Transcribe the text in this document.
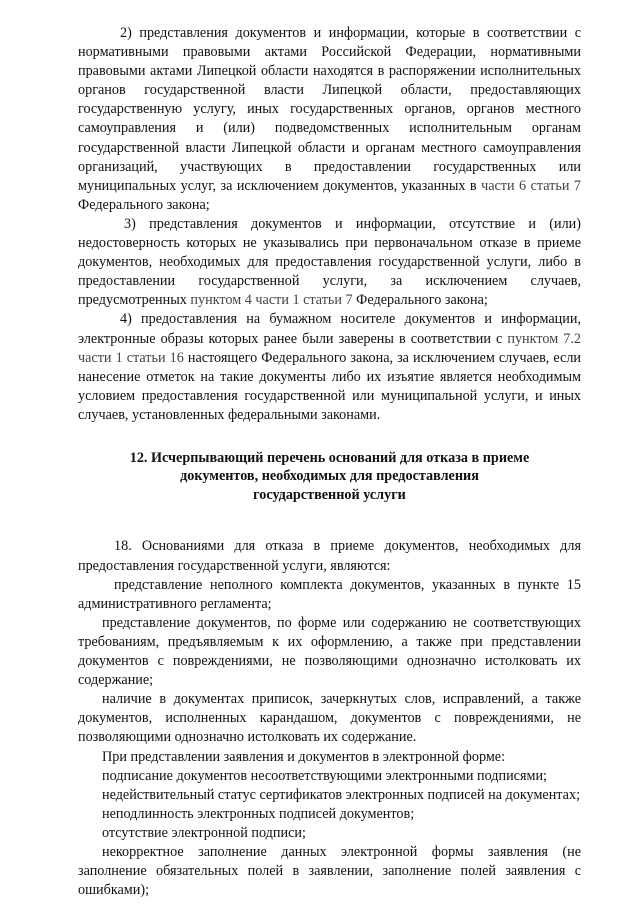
2) представления документов и информации, которые в соответствии с нормативными правовыми актами Российской Федерации, нормативными правовыми актами Липецкой области находятся в распоряжении исполнительных органов государственной власти Липецкой области, предоставляющих государственную услугу, иных государственных органов, органов местного самоуправления и (или) подведомственных исполнительным органам государственной власти Липецкой области и органам местного самоуправления организаций, участвующих в предоставлении государственных или муниципальных услуг, за исключением документов, указанных в части 6 статьи 7 Федерального закона;

3) представления документов и информации, отсутствие и (или) недостоверность которых не указывались при первоначальном отказе в приеме документов, необходимых для предоставления государственной услуги, либо в предоставлении государственной услуги, за исключением случаев, предусмотренных пунктом 4 части 1 статьи 7 Федерального закона;

4) предоставления на бумажном носителе документов и информации, электронные образы которых ранее были заверены в соответствии с пунктом 7.2 части 1 статьи 16 настоящего Федерального закона, за исключением случаев, если нанесение отметок на такие документы либо их изъятие является необходимым условием предоставления государственной или муниципальной услуги, и иных случаев, установленных федеральными законами.

12. Исчерпывающий перечень оснований для отказа в приеме
документов, необходимых для предоставления
государственной услуги

18. Основаниями для отказа в приеме документов, необходимых для предоставления государственной услуги, являются:

представление неполного комплекта документов, указанных в пункте 15 административного регламента;

представление документов, по форме или содержанию не соответствующих требованиям, предъявляемым к их оформлению, а также при представлении документов с повреждениями, не позволяющими однозначно истолковать их содержание;

наличие в документах приписок, зачеркнутых слов, исправлений, а также документов, исполненных карандашом, документов с повреждениями, не позволяющими однозначно истолковать их содержание.

При представлении заявления и документов в электронной форме:

подписание документов несоответствующими электронными подписями;

недействительный статус сертификатов электронных подписей на документах;

неподлинность электронных подписей документов;

отсутствие электронной подписи;

некорректное заполнение данных электронной формы заявления (не заполнение обязательных полей в заявлении, заполнение полей заявления с ошибками);
